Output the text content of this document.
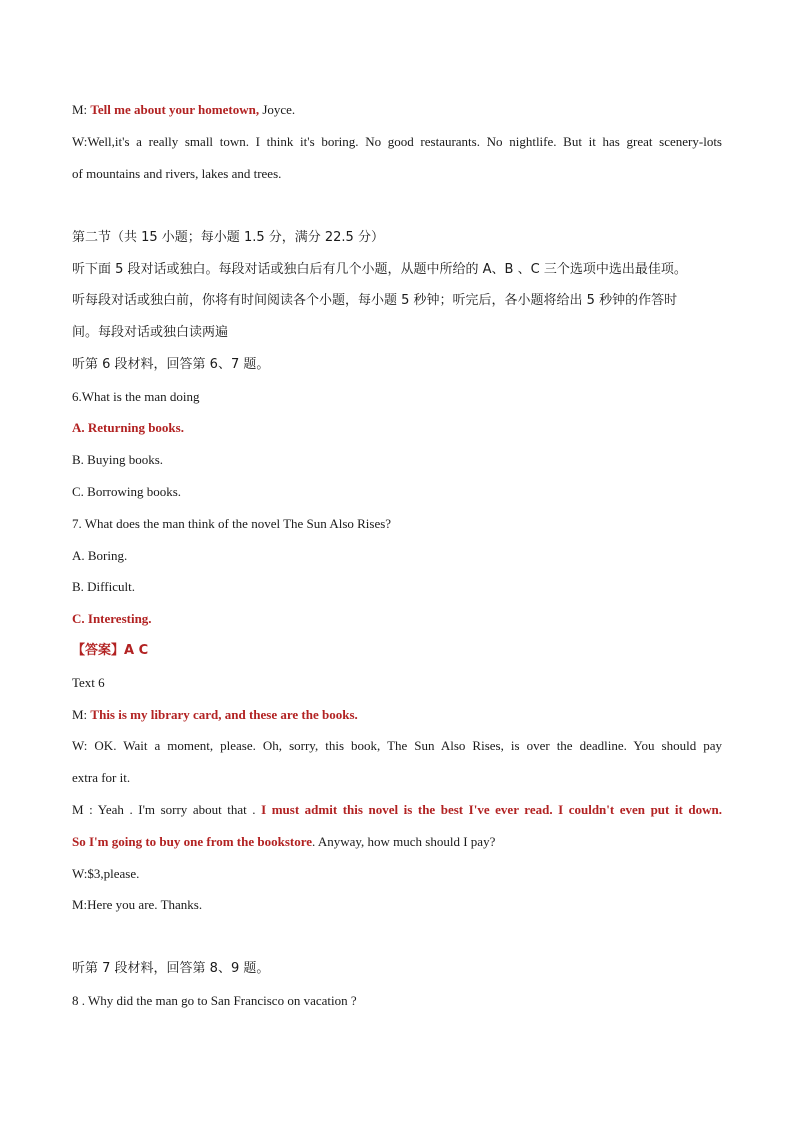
M: Tell me about your hometown, Joyce.
W:Well,it's a really small town. I think it's boring. No good restaurants. No nightlife. But it has great scenery-lots
of mountains and rivers, lakes and trees.
第二节（共 15 小题；每小题 1.5 分，满分 22.5 分）
听下面 5 段对话或独白。每段对话或独白后有几个小题，从题中所给的 A、B 、C 三个选项中选出最佳项。
听每段对话或独白前，你将有时间阅读各个小题，每小题 5 秒钟；听完后，各小题将给出 5 秒钟的作答时
间。每段对话或独白读两遍
听第 6 段材料，回答第 6、7 题。
6.What is the man doing
A. Returning books.
B. Buying books.
C. Borrowing books.
7. What does the man think of the novel The Sun Also Rises?
A. Boring.
B. Difficult.
C. Interesting.
【答案】A C
Text 6
M: This is my library card, and these are the books.
W: OK. Wait a moment, please. Oh, sorry, this book, The Sun Also Rises, is over the deadline. You should pay
extra for it.
M : Yeah . I'm sorry about that . I must admit this novel is the best I've ever read. I couldn't even put it down.
So I'm going to buy one from the bookstore. Anyway, how much should I pay?
W:$3,please.
M:Here you are. Thanks.
听第 7 段材料，回答第 8、9 题。
8 . Why did the man go to San Francisco on vacation ?
